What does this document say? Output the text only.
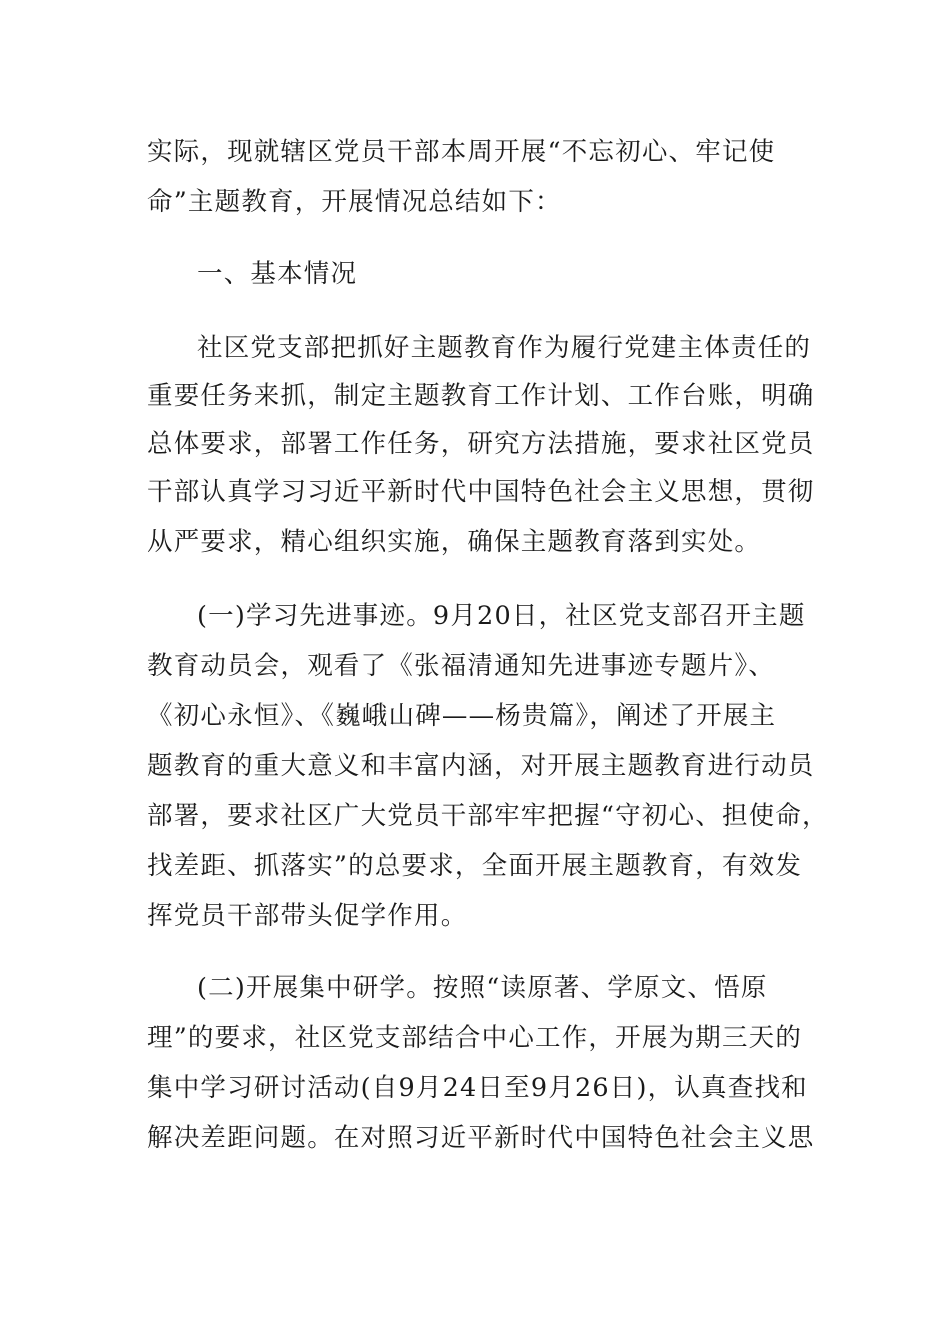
实际，现就辖区党员干部本周开展“不忘初心、牢记使
命”主题教育，开展情况总结如下：
一、基本情况
社区党支部把抓好主题教育作为履行党建主体责任的
重要任务来抓，制定主题教育工作计划、工作台账，明确
总体要求，部署工作任务，研究方法措施，要求社区党员
干部认真学习习近平新时代中国特色社会主义思想，贯彻
从严要求，精心组织实施，确保主题教育落到实处。
(一)学习先进事迹。9月20日，社区党支部召开主题
教育动员会，观看了《张福清通知先进事迹专题片》、
《初心永恒》、《巍峨山碑——杨贵篇》，阐述了开展主
题教育的重大意义和丰富内涵，对开展主题教育进行动员
部署，要求社区广大党员干部牢牢把握“守初心、担使命，
找差距、抓落实”的总要求，全面开展主题教育，有效发
挥党员干部带头促学作用。
(二)开展集中研学。按照“读原著、学原文、悟原
理”的要求，社区党支部结合中心工作，开展为期三天的
集中学习研讨活动(自9月24日至9月26日)，认真查找和
解决差距问题。在对照习近平新时代中国特色社会主义思
